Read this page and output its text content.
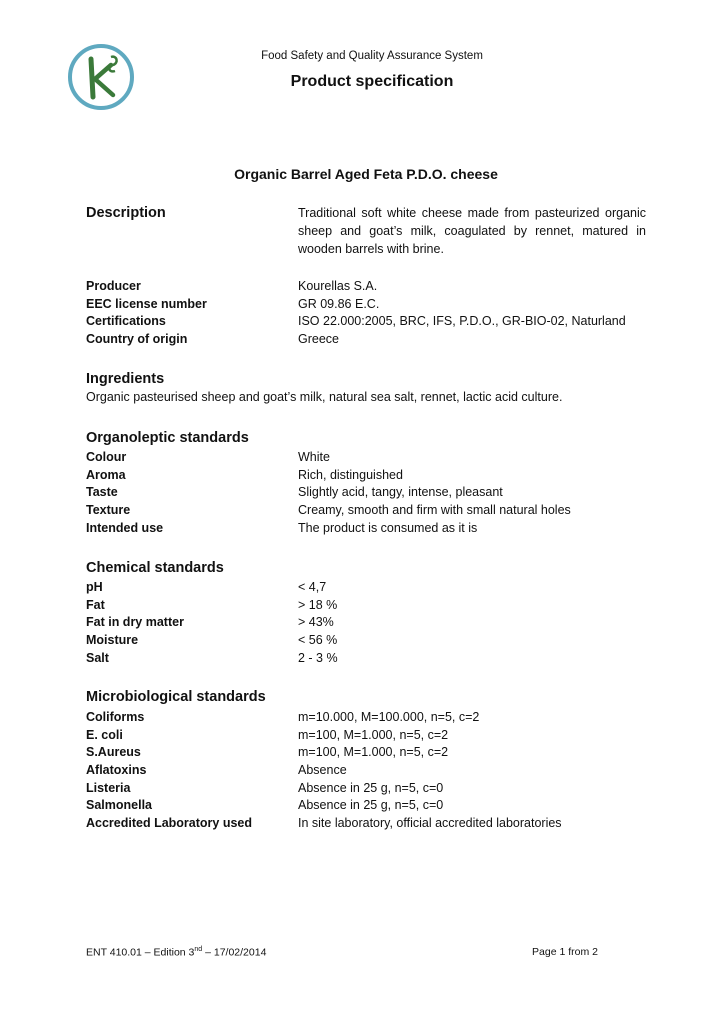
Food Safety and Quality Assurance System
Product specification
Organic Barrel Aged Feta P.D.O. cheese
Description	Traditional soft white cheese made from pasteurized organic sheep and goat’s milk, coagulated by rennet, matured in wooden barrels with brine.
Producer	Kourellas S.A.
EEC license number	GR 09.86 E.C.
Certifications	ISO 22.000:2005, BRC, IFS, P.D.O., GR-BIO-02, Naturland
Country of origin	Greece
Ingredients
Organic pasteurised sheep and goat’s milk, natural sea salt, rennet, lactic acid culture.
Organoleptic standards
Colour	White
Aroma	Rich, distinguished
Taste	Slightly acid, tangy, intense, pleasant
Texture	Creamy, smooth and firm with small natural holes
Intended use	The product is consumed as it is
Chemical standards
pH	< 4,7
Fat	> 18 %
Fat in dry matter	> 43%
Moisture	< 56 %
Salt	2 - 3 %
Microbiological standards
Coliforms	m=10.000, M=100.000, n=5, c=2
E. coli	m=100, M=1.000, n=5, c=2
S.Aureus	m=100, M=1.000, n=5, c=2
Aflatoxins	Absence
Listeria	Absence in 25 g, n=5, c=0
Salmonella	Absence in 25 g, n=5, c=0
Accredited Laboratory used	In site laboratory, official accredited laboratories
ENT 410.01 – Edition 3nd – 17/02/2014	Page 1 from 2
